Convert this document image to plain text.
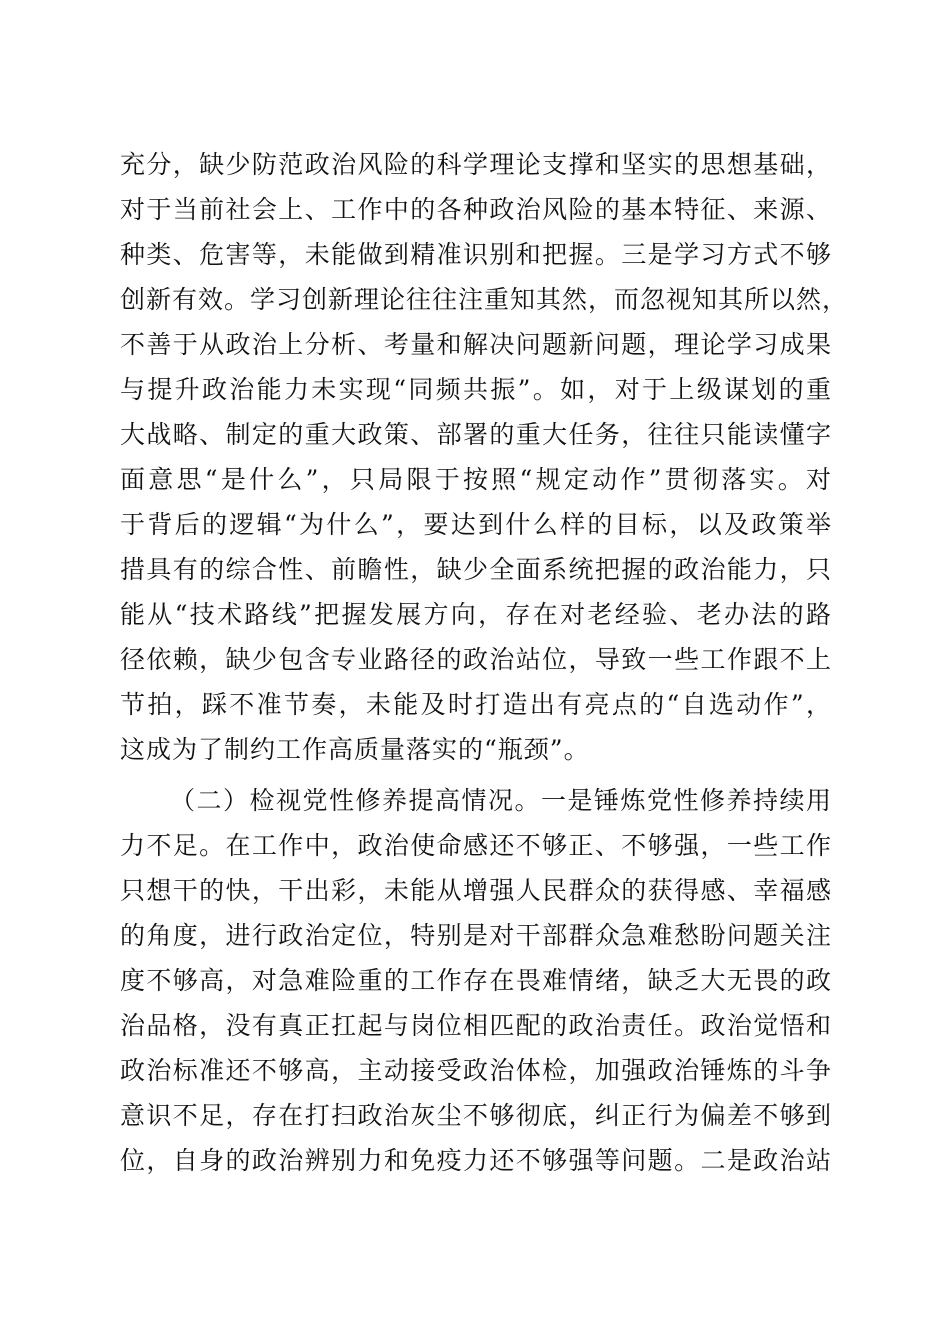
充分，缺少防范政治风险的科学理论支撑和坚实的思想基础，
对于当前社会上、工作中的各种政治风险的基本特征、来源、
种类、危害等，未能做到精准识别和把握。三是学习方式不够
创新有效。学习创新理论往往注重知其然，而忽视知其所以然，
不善于从政治上分析、考量和解决问题新问题，理论学习成果
与提升政治能力未实现“同频共振”。如，对于上级谋划的重
大战略、制定的重大政策、部署的重大任务，往往只能读懂字
面意思“是什么”，只局限于按照“规定动作”贯彻落实。对
于背后的逻辑“为什么”，要达到什么样的目标，以及政策举
措具有的综合性、前瞻性，缺少全面系统把握的政治能力，只
能从“技术路线”把握发展方向，存在对老经验、老办法的路
径依赖，缺少包含专业路径的政治站位，导致一些工作跟不上
节拍，踩不准节奏，未能及时打造出有亮点的“自选动作”，
这成为了制约工作高质量落实的“瓶颈”。
（二）检视党性修养提高情况。一是锤炼党性修养持续用
力不足。在工作中，政治使命感还不够正、不够强，一些工作
只想干的快，干出彩，未能从增强人民群众的获得感、幸福感
的角度，进行政治定位，特别是对干部群众急难愁盼问题关注
度不够高，对急难险重的工作存在畏难情绪，缺乏大无畏的政
治品格，没有真正扛起与岗位相匹配的政治责任。政治觉悟和
政治标准还不够高，主动接受政治体检，加强政治锤炼的斗争
意识不足，存在打扫政治灰尘不够彻底，纠正行为偏差不够到
位，自身的政治辨别力和免疫力还不够强等问题。二是政治站
